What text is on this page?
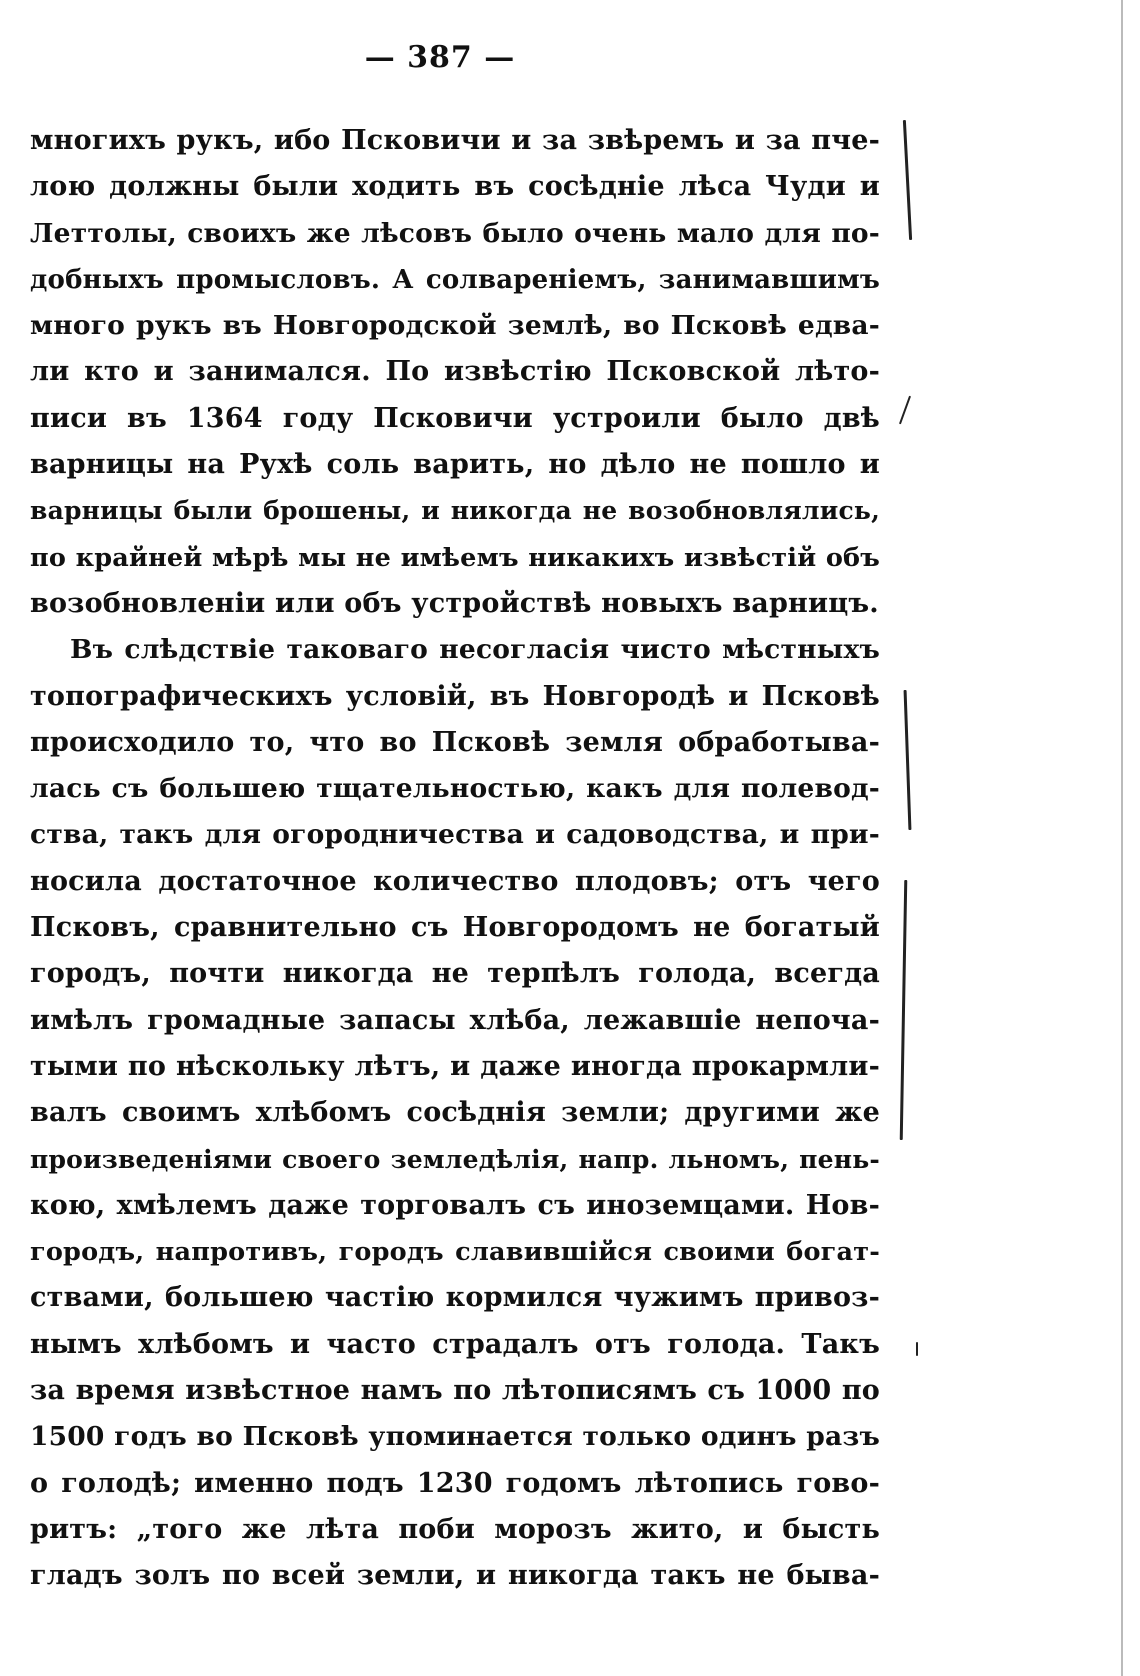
— 387 —
многихъ рукъ, ибо Псковичи и за звѣремъ и за пче-
лою должны были ходить въ сосѣдніе лѣса Чуди и
Леттолы, своихъ же лѣсовъ было очень мало для по-
добныхъ промысловъ. А солвареніемъ, занимавшимъ
много рукъ въ Новгородской землѣ, во Псковѣ едва-
ли кто и занимался. По извѣстію Псковской лѣто-
писи въ 1364 году Псковичи устроили было двѣ
варницы на Рухѣ соль варить, но дѣло не пошло и
варницы были брошены, и никогда не возобновлялись,
по крайней мѣрѣ мы не имѣемъ никакихъ извѣстій объ
возобновленіи или объ устройствѣ новыхъ варницъ.
Въ слѣдствіе таковаго несогласія чисто мѣстныхъ
топографическихъ условій, въ Новгородѣ и Псковѣ
происходило то, что во Псковѣ земля обработыва-
лась съ большею тщательностью, какъ для полевод-
ства, такъ для огородничества и садоводства, и при-
носила достаточное количество плодовъ; отъ чего
Псковъ, сравнительно съ Новгородомъ не богатый
городъ, почти никогда не терпѣлъ голода, всегда
имѣлъ громадные запасы хлѣба, лежавшіе непоча-
тыми по нѣскольку лѣтъ, и даже иногда прокармли-
валъ своимъ хлѣбомъ сосѣднія земли; другими же
произведеніями своего земледѣлія, напр. льномъ, пень-
кою, хмѣлемъ даже торговалъ съ иноземцами. Нов-
городъ, напротивъ, городъ славившійся своими богат-
ствами, большею частію кормился чужимъ привоз-
нымъ хлѣбомъ и часто страдалъ отъ голода. Такъ
за время извѣстное намъ по лѣтописямъ съ 1000 по
1500 годъ во Псковѣ упоминается только одинъ разъ
о голодѣ; именно подъ 1230 годомъ лѣтопись гово-
ритъ: „того же лѣта поби морозъ жито, и бысть
гладъ золъ по всей земли, и никогда такъ не быва-
